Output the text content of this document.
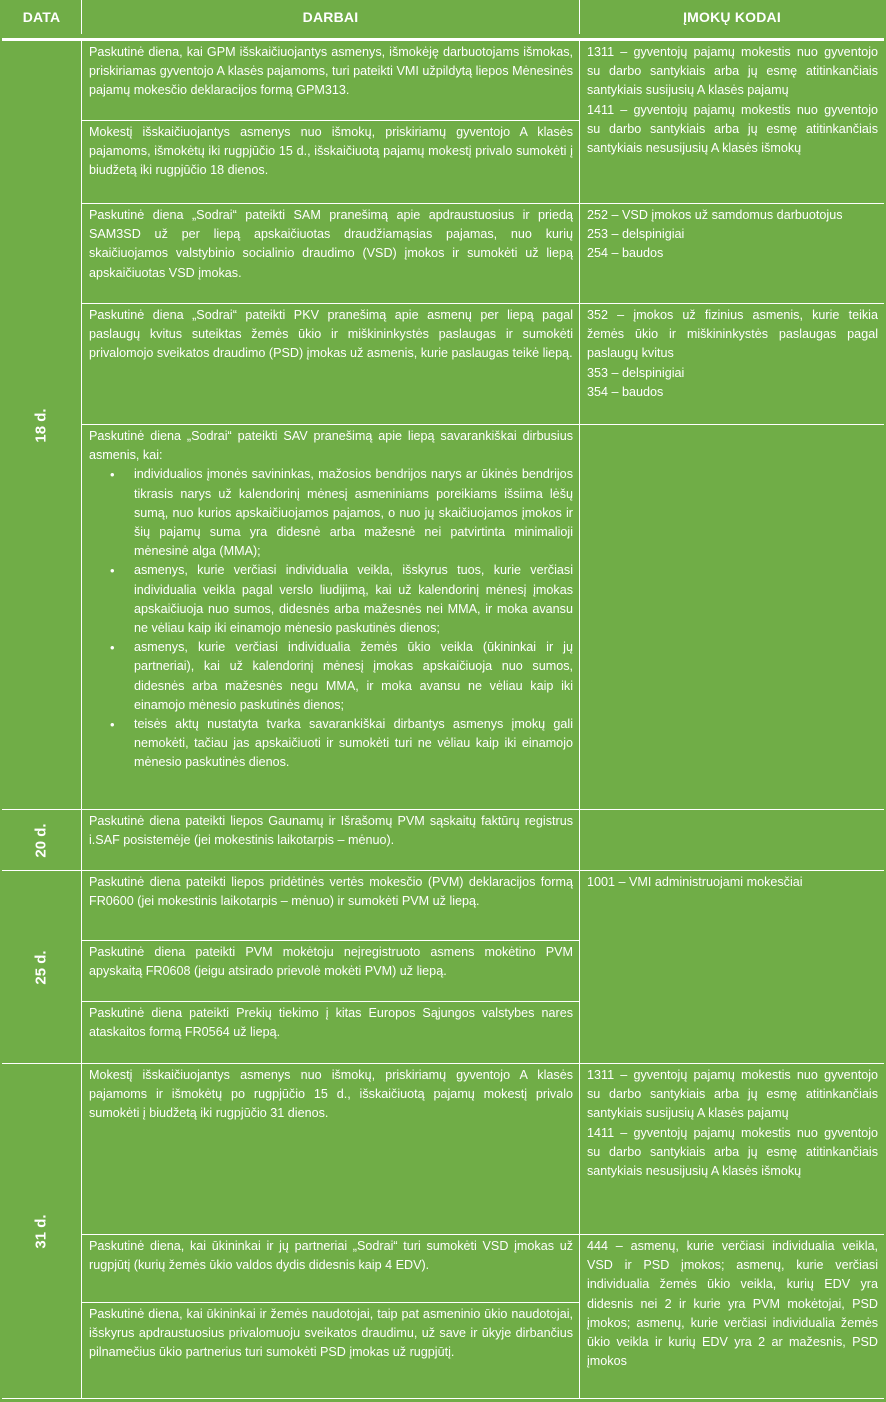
DATA	DARBAI	ĮMOKŲ KODAI
18 d.
20 d.
25 d.
31 d.

Paskutinė diena, kai GPM išskaičiuojantys asmenys, išmokėję darbuotojams išmokas, priskiriamas gyventojo A klasės pajamoms, turi pateikti VMI užpildytą liepos Mėnesinės pajamų mokesčio deklaracijos formą GPM313.

Mokestį išskaičiuojantys asmenys nuo išmokų, priskiriamų gyventojo A klasės pajamoms, išmokėtų iki rugpjūčio 15 d., išskaičiuotą pajamų mokestį privalo sumokėti į biudžetą iki rugpjūčio 18 dienos.

1311 – gyventojų pajamų mokestis nuo gyventojo su darbo santykiais arba jų esmę atitinkančiais santykiais susijusių A klasės pajamų

1411 – gyventojų pajamų mokestis nuo gyventojo su darbo santykiais arba jų esmę atitinkančiais santykiais nesusijusių A klasės išmokų

Paskutinė diena „Sodrai“ pateikti SAM pranešimą apie apdraustuosius ir priedą SAM3SD už per liepą apskaičiuotas draudžiamąsias pajamas, nuo kurių skaičiuojamos valstybinio socialinio draudimo (VSD) įmokos ir sumokėti už liepą apskaičiuotas VSD įmokas.

252 – VSD įmokos už samdomus darbuotojus

253 – delspinigiai

254 – baudos

Paskutinė diena „Sodrai“ pateikti PKV pranešimą apie asmenų per liepą pagal paslaugų kvitus suteiktas žemės ūkio ir miškininkystės paslaugas ir sumokėti privalomojo sveikatos draudimo (PSD) įmokas už asmenis, kurie paslaugas teikė liepą.

352 – įmokos už fizinius asmenis, kurie teikia žemės ūkio ir miškininkystės paslaugas pagal paslaugų kvitus

353 – delspinigiai

354 – baudos

Paskutinė diena „Sodrai“ pateikti SAV pranešimą apie liepą savarankiškai dirbusius asmenis, kai:

• individualios įmonės savininkas, mažosios bendrijos narys ar ūkinės bendrijos tikrasis narys už kalendorinį mėnesį asmeniniams poreikiams išsiima lėšų sumą, nuo kurios apskaičiuojamos pajamos, o nuo jų skaičiuojamos įmokos ir šių pajamų suma yra didesnė arba mažesnė nei patvirtinta minimalioji mėnesinė alga (MMA);
• asmenys, kurie verčiasi individualia veikla, išskyrus tuos, kurie verčiasi individualia veikla pagal verslo liudijimą, kai už kalendorinį mėnesį įmokas apskaičiuoja nuo sumos, didesnės arba mažesnės nei MMA, ir moka avansu ne vėliau kaip iki einamojo mėnesio paskutinės dienos;
• asmenys, kurie verčiasi individualia žemės ūkio veikla (ūkininkai ir jų partneriai), kai už kalendorinį mėnesį įmokas apskaičiuoja nuo sumos, didesnės arba mažesnės negu MMA, ir moka avansu ne vėliau kaip iki einamojo mėnesio paskutinės dienos;
• teisės aktų nustatyta tvarka savarankiškai dirbantys asmenys įmokų gali nemokėti, tačiau jas apskaičiuoti ir sumokėti turi ne vėliau kaip iki einamojo mėnesio paskutinės dienos.

Paskutinė diena pateikti liepos Gaunamų ir Išrašomų PVM sąskaitų faktūrų registrus i.SAF posistemėje (jei mokestinis laikotarpis – mėnuo).

Paskutinė diena pateikti liepos pridėtinės vertės mokesčio (PVM) deklaracijos formą FR0600 (jei mokestinis laikotarpis – mėnuo) ir sumokėti PVM už liepą.

1001 – VMI administruojami mokesčiai

Paskutinė diena pateikti PVM mokėtoju neįregistruoto asmens mokėtino PVM apyskaitą FR0608 (jeigu atsirado prievolė mokėti PVM) už liepą.

Paskutinė diena pateikti Prekių tiekimo į kitas Europos Sąjungos valstybes nares ataskaitos formą FR0564 už liepą.

Mokestį išskaičiuojantys asmenys nuo išmokų, priskiriamų gyventojo A klasės pajamoms ir išmokėtų po rugpjūčio 15 d., išskaičiuotą pajamų mokestį privalo sumokėti į biudžetą iki rugpjūčio 31 dienos.

1311 – gyventojų pajamų mokestis nuo gyventojo su darbo santykiais arba jų esmę atitinkančiais santykiais susijusių A klasės pajamų

1411 – gyventojų pajamų mokestis nuo gyventojo su darbo santykiais arba jų esmę atitinkančiais santykiais nesusijusių A klasės išmokų

Paskutinė diena, kai ūkininkai ir jų partneriai „Sodrai“ turi sumokėti VSD įmokas už rugpjūtį (kurių žemės ūkio valdos dydis didesnis kaip 4 EDV).

Paskutinė diena, kai ūkininkai ir žemės naudotojai, taip pat asmeninio ūkio naudotojai, išskyrus apdraustuosius privalomuoju sveikatos draudimu, už save ir ūkyje dirbančius pilnamečius ūkio partnerius turi sumokėti PSD įmokas už rugpjūtį.

444 – asmenų, kurie verčiasi individualia veikla, VSD ir PSD įmokos; asmenų, kurie verčiasi individualia žemės ūkio veikla, kurių EDV yra didesnis nei 2 ir kurie yra PVM mokėtojai, PSD įmokos; asmenų, kurie verčiasi individualia žemės ūkio veikla ir kurių EDV yra 2 ar mažesnis, PSD įmokos
